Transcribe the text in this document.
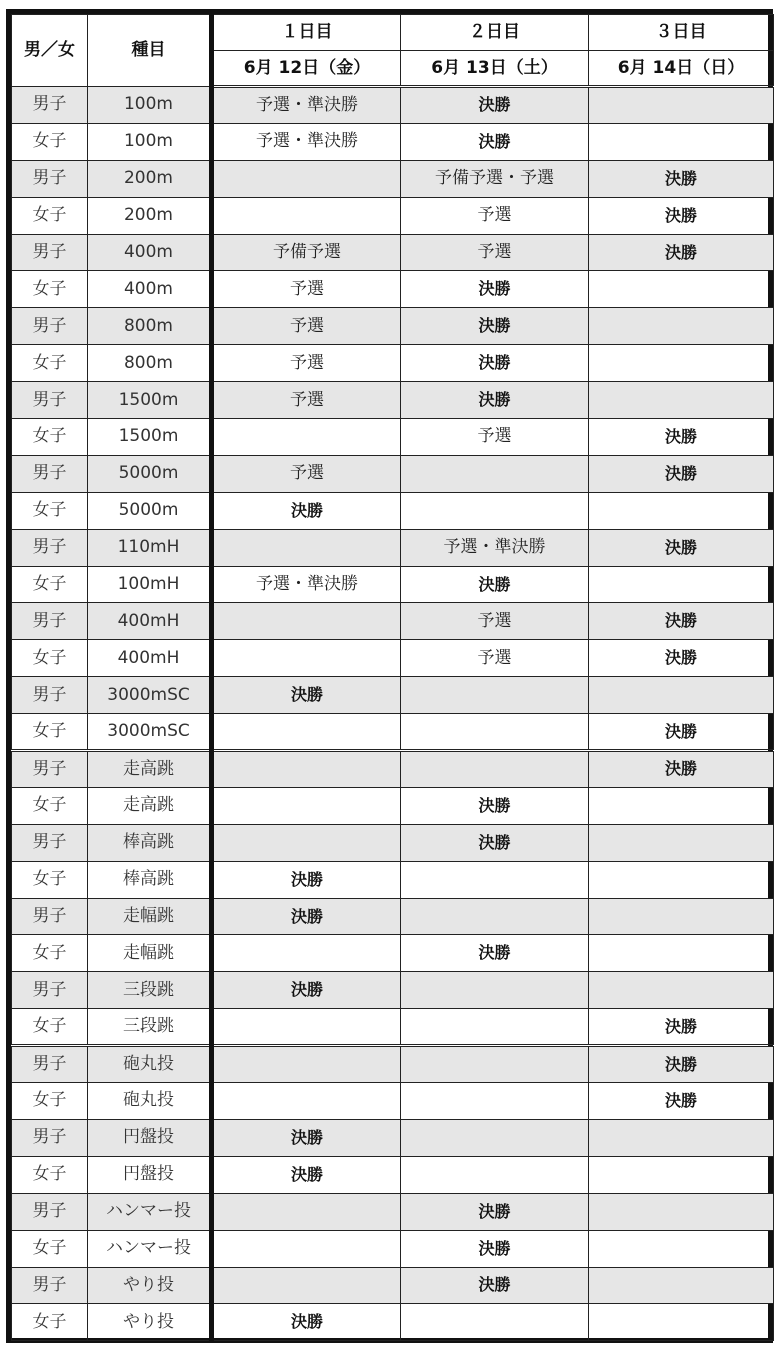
男／女	種目	１日目	２日目	３日目
		6月 12日（金）	6月 13日（土）	6月 14日（日）
男子	100m	予選・準決勝	決勝	
女子	100m	予選・準決勝	決勝	
男子	200m		予備予選・予選	決勝
女子	200m		予選	決勝
男子	400m	予備予選	予選	決勝
女子	400m	予選	決勝	
男子	800m	予選	決勝	
女子	800m	予選	決勝	
男子	1500m	予選	決勝	
女子	1500m		予選	決勝
男子	5000m	予選		決勝
女子	5000m	決勝		
男子	110mH		予選・準決勝	決勝
女子	100mH	予選・準決勝	決勝	
男子	400mH		予選	決勝
女子	400mH		予選	決勝
男子	3000mSC	決勝		
女子	3000mSC			決勝
男子	走高跳			決勝
女子	走高跳		決勝	
男子	棒高跳		決勝	
女子	棒高跳	決勝		
男子	走幅跳	決勝		
女子	走幅跳		決勝	
男子	三段跳	決勝		
女子	三段跳			決勝
男子	砲丸投			決勝
女子	砲丸投			決勝
男子	円盤投	決勝		
女子	円盤投	決勝		
男子	ハンマー投		決勝	
女子	ハンマー投		決勝	
男子	やり投		決勝	
女子	やり投	決勝		
